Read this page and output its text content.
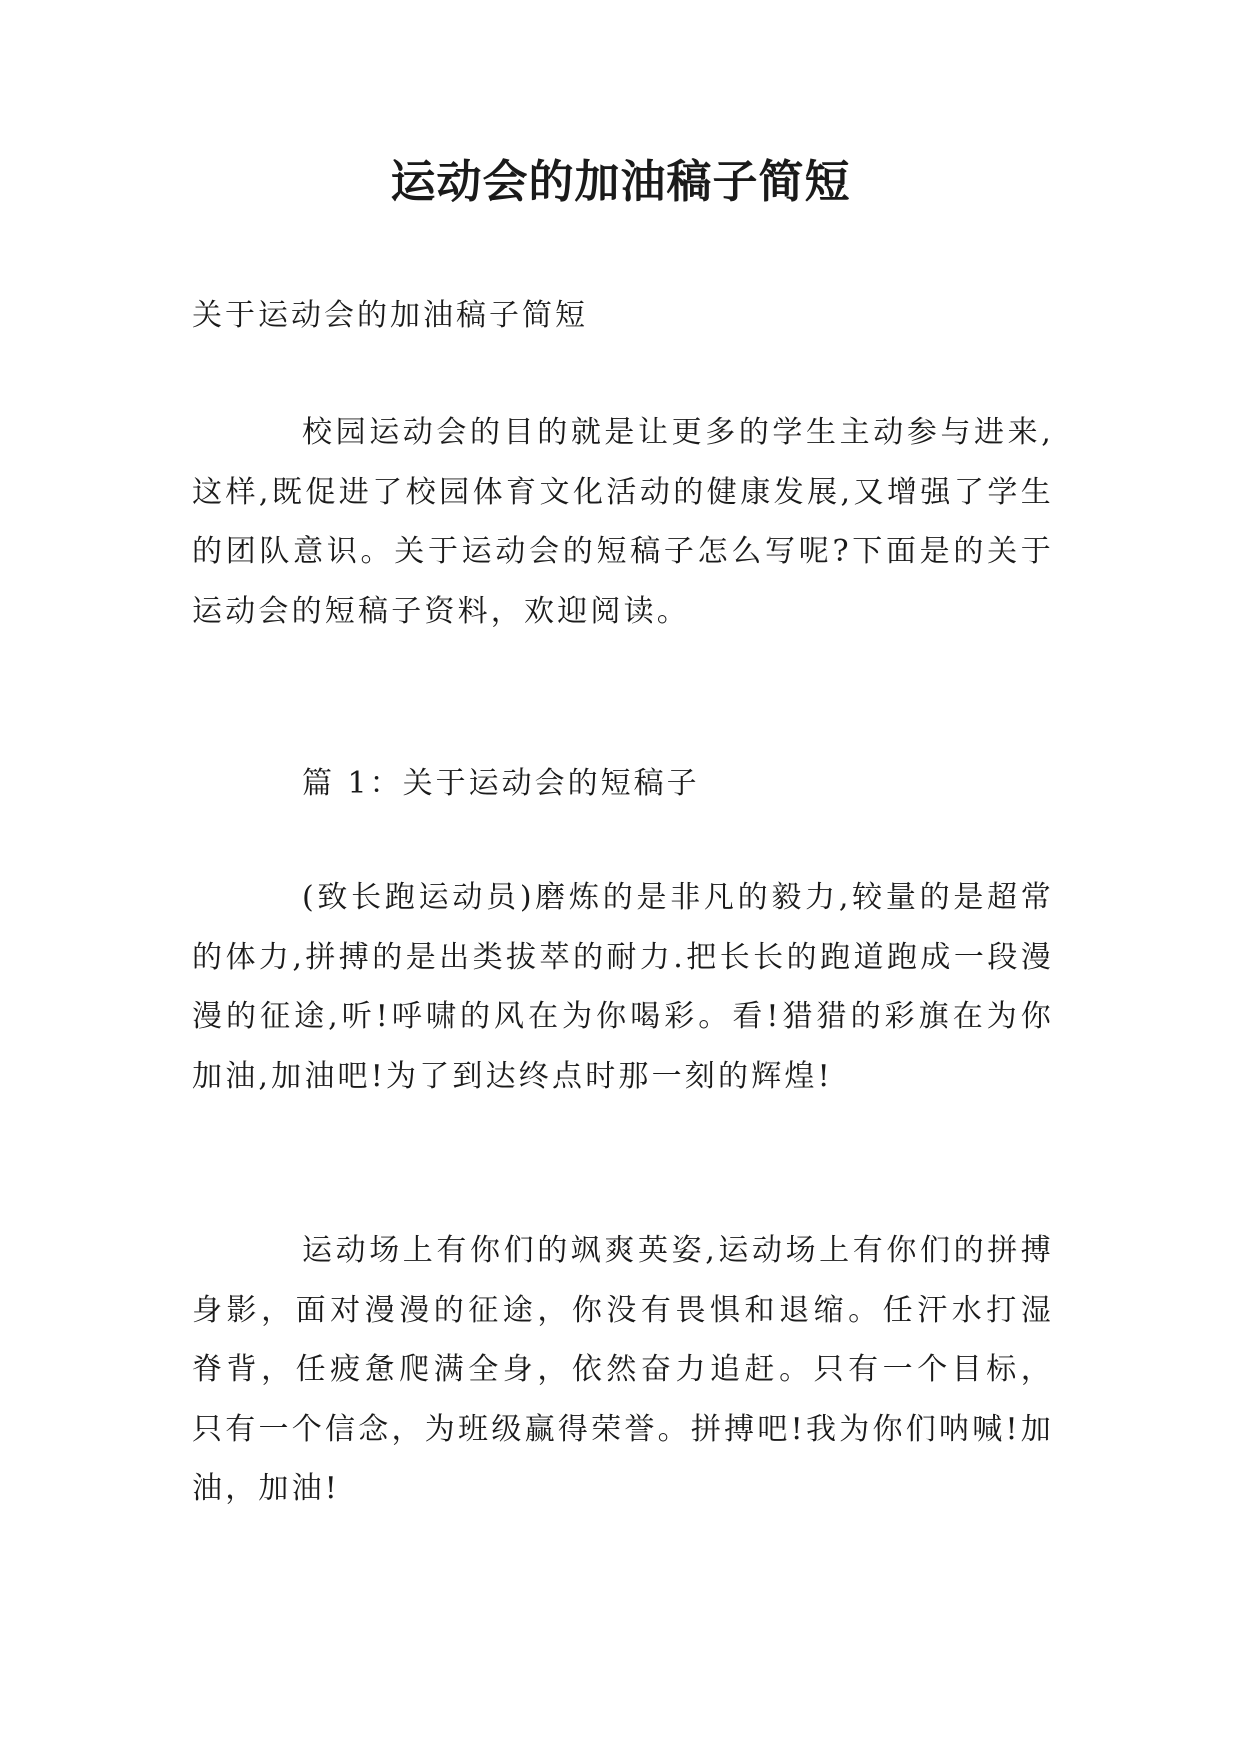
运动会的加油稿子简短

关于运动会的加油稿子简短

校园运动会的目的就是让更多的学生主动参与进来,这样,既促进了校园体育文化活动的健康发展,又增强了学生的团队意识。关于运动会的短稿子怎么写呢?下面是的关于运动会的短稿子资料，欢迎阅读。

篇 1：关于运动会的短稿子

(致长跑运动员)磨炼的是非凡的毅力,较量的是超常的体力,拼搏的是出类拔萃的耐力.把长长的跑道跑成一段漫漫的征途,听!呼啸的风在为你喝彩。看!猎猎的彩旗在为你加油,加油吧!为了到达终点时那一刻的辉煌!

运动场上有你们的飒爽英姿,运动场上有你们的拼搏身影，面对漫漫的征途，你没有畏惧和退缩。任汗水打湿脊背，任疲惫爬满全身，依然奋力追赶。只有一个目标，只有一个信念，为班级赢得荣誉。拼搏吧!我为你们呐喊!加油，加油!
